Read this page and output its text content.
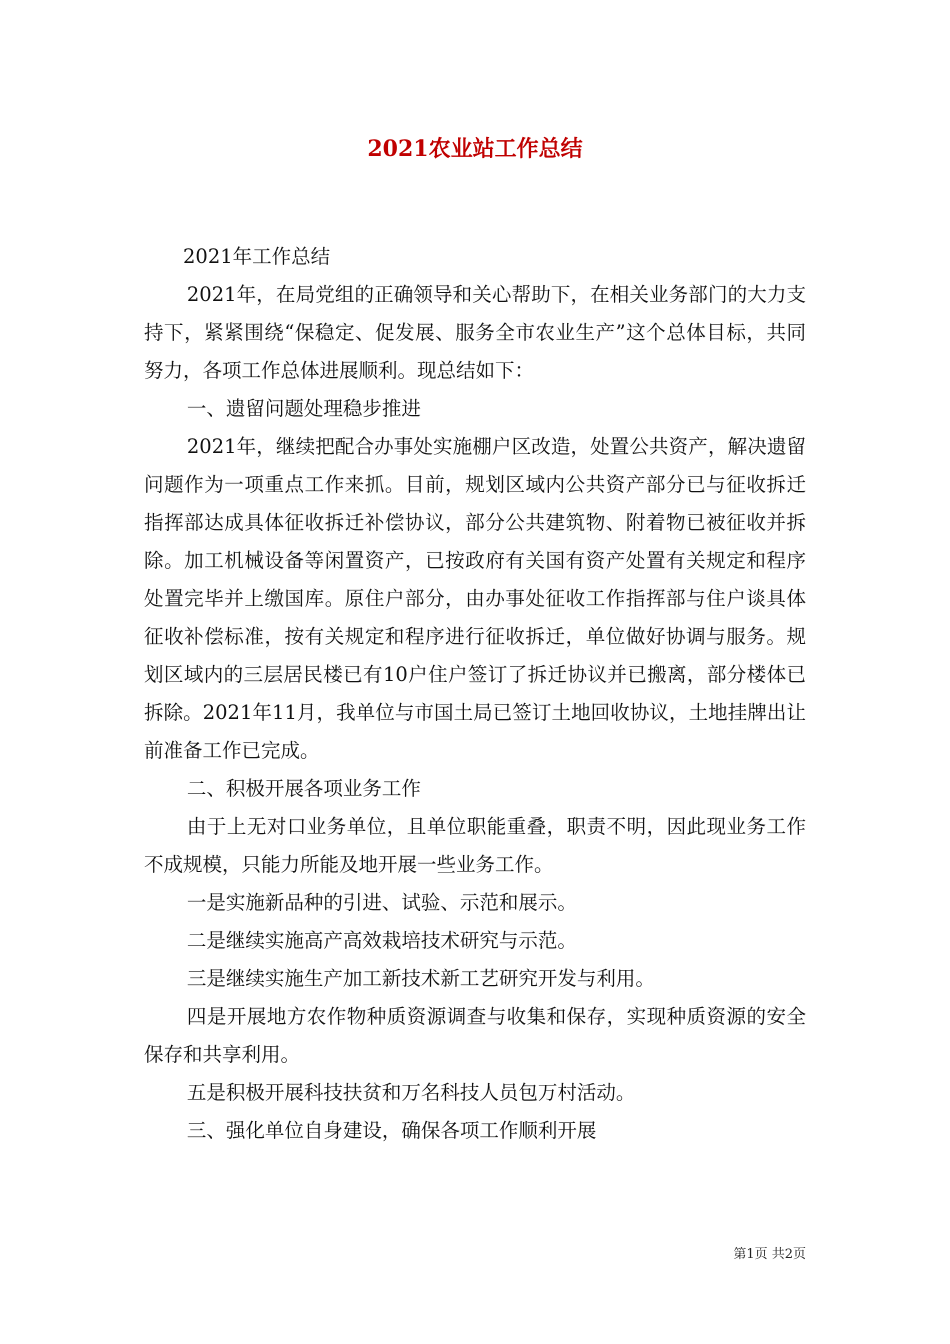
2021农业站工作总结

2021年工作总结

2021年，在局党组的正确领导和关心帮助下，在相关业务部门的大力支持下，紧紧围绕“保稳定、促发展、服务全市农业生产”这个总体目标，共同努力，各项工作总体进展顺利。现总结如下：

一、遗留问题处理稳步推进

2021年，继续把配合办事处实施棚户区改造，处置公共资产，解决遗留问题作为一项重点工作来抓。目前，规划区域内公共资产部分已与征收拆迁指挥部达成具体征收拆迁补偿协议，部分公共建筑物、附着物已被征收并拆除。加工机械设备等闲置资产，已按政府有关国有资产处置有关规定和程序处置完毕并上缴国库。原住户部分，由办事处征收工作指挥部与住户谈具体征收补偿标准，按有关规定和程序进行征收拆迁，单位做好协调与服务。规划区域内的三层居民楼已有10户住户签订了拆迁协议并已搬离，部分楼体已拆除。2021年11月，我单位与市国土局已签订土地回收协议，土地挂牌出让前准备工作已完成。

二、积极开展各项业务工作

由于上无对口业务单位，且单位职能重叠，职责不明，因此现业务工作不成规模，只能力所能及地开展一些业务工作。

一是实施新品种的引进、试验、示范和展示。

二是继续实施高产高效栽培技术研究与示范。

三是继续实施生产加工新技术新工艺研究开发与利用。

四是开展地方农作物种质资源调查与收集和保存，实现种质资源的安全保存和共享利用。

五是积极开展科技扶贫和万名科技人员包万村活动。

三、强化单位自身建设，确保各项工作顺利开展

第1页 共2页
